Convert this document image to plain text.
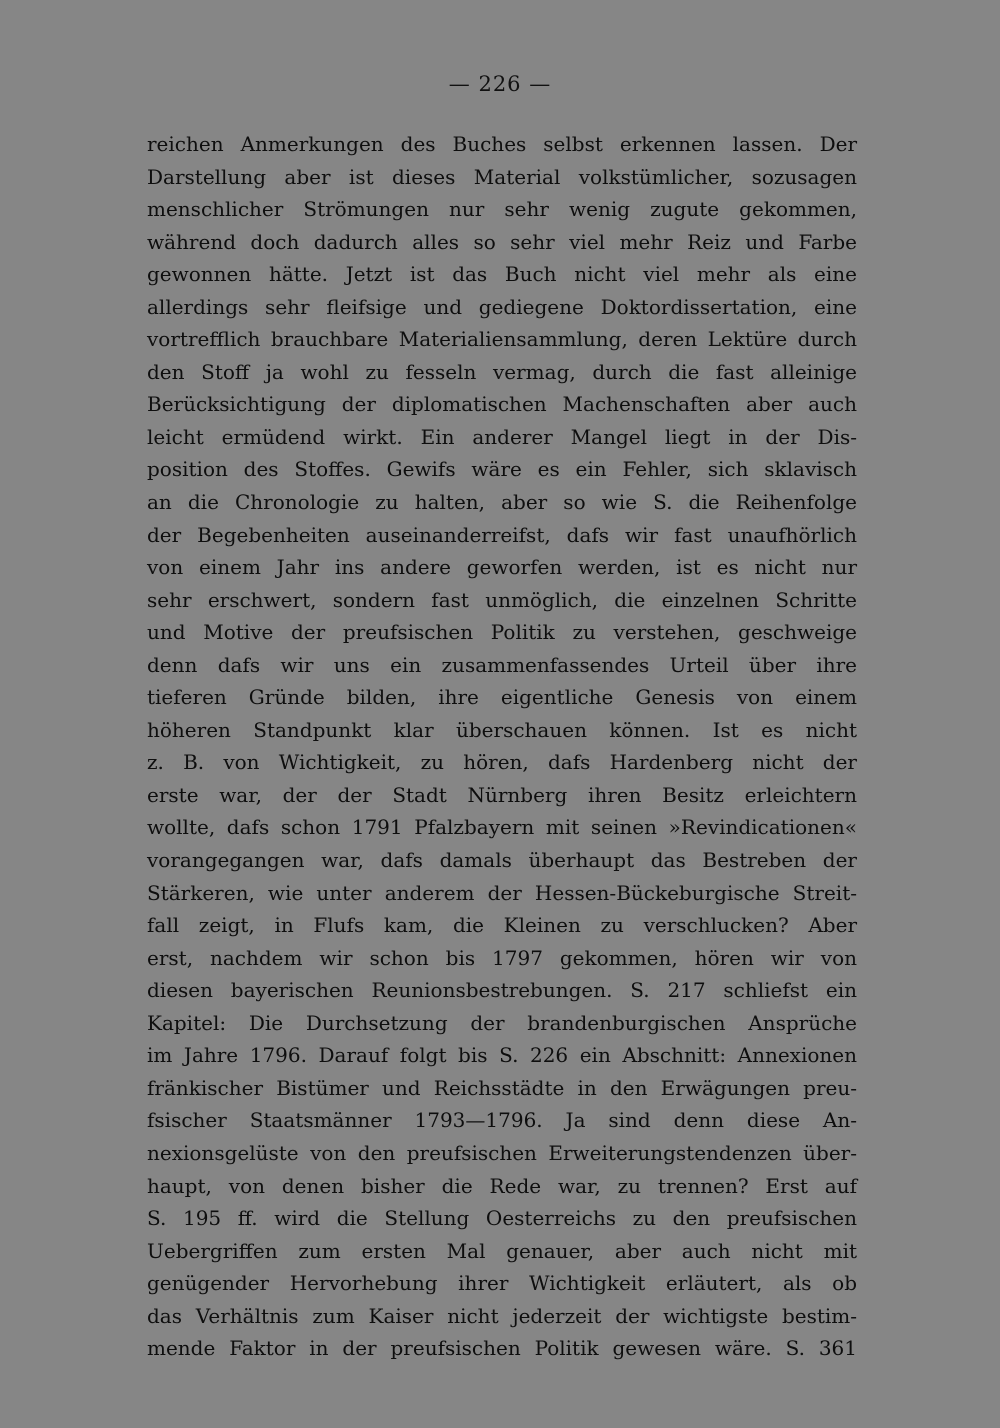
— 226 —
reichen Anmerkungen des Buches selbst erkennen lassen. Der
Darstellung aber ist dieses Material volkstümlicher, sozusagen
menschlicher Strömungen nur sehr wenig zugute gekommen,
während doch dadurch alles so sehr viel mehr Reiz und Farbe
gewonnen hätte. Jetzt ist das Buch nicht viel mehr als eine
allerdings sehr fleifsige und gediegene Doktordissertation, eine
vortrefflich brauchbare Materialiensammlung, deren Lektüre durch
den Stoff ja wohl zu fesseln vermag, durch die fast alleinige
Berücksichtigung der diplomatischen Machenschaften aber auch
leicht ermüdend wirkt. Ein anderer Mangel liegt in der Dis-
position des Stoffes. Gewifs wäre es ein Fehler, sich sklavisch
an die Chronologie zu halten, aber so wie S. die Reihenfolge
der Begebenheiten auseinanderreifst, dafs wir fast unaufhörlich
von einem Jahr ins andere geworfen werden, ist es nicht nur
sehr erschwert, sondern fast unmöglich, die einzelnen Schritte
und Motive der preufsischen Politik zu verstehen, geschweige
denn dafs wir uns ein zusammenfassendes Urteil über ihre
tieferen Gründe bilden, ihre eigentliche Genesis von einem
höheren Standpunkt klar überschauen können. Ist es nicht
z. B. von Wichtigkeit, zu hören, dafs Hardenberg nicht der
erste war, der der Stadt Nürnberg ihren Besitz erleichtern
wollte, dafs schon 1791 Pfalzbayern mit seinen »Revindicationen«
vorangegangen war, dafs damals überhaupt das Bestreben der
Stärkeren, wie unter anderem der Hessen-Bückeburgische Streit-
fall zeigt, in Flufs kam, die Kleinen zu verschlucken? Aber
erst, nachdem wir schon bis 1797 gekommen, hören wir von
diesen bayerischen Reunionsbestrebungen. S. 217 schliefst ein
Kapitel: Die Durchsetzung der brandenburgischen Ansprüche
im Jahre 1796. Darauf folgt bis S. 226 ein Abschnitt: Annexionen
fränkischer Bistümer und Reichsstädte in den Erwägungen preu-
fsischer Staatsmänner 1793—1796. Ja sind denn diese An-
nexionsgelüste von den preufsischen Erweiterungstendenzen über-
haupt, von denen bisher die Rede war, zu trennen? Erst auf
S. 195 ff. wird die Stellung Oesterreichs zu den preufsischen
Uebergriffen zum ersten Mal genauer, aber auch nicht mit
genügender Hervorhebung ihrer Wichtigkeit erläutert, als ob
das Verhältnis zum Kaiser nicht jederzeit der wichtigste bestim-
mende Faktor in der preufsischen Politik gewesen wäre. S. 361
